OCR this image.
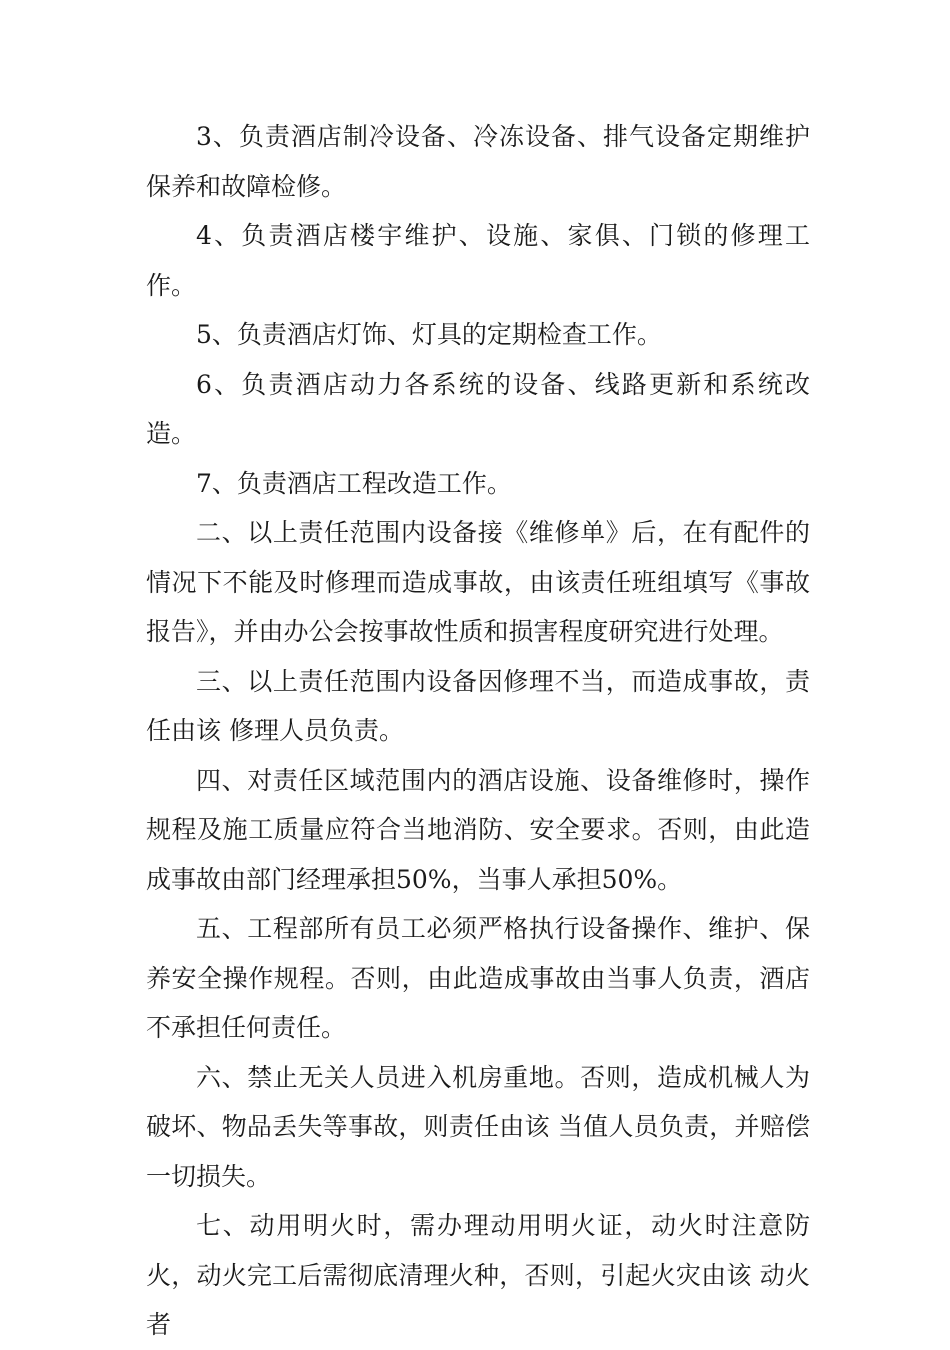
3、负责酒店制冷设备、冷冻设备、排气设备定期维护保养和故障检修。

4、负责酒店楼宇维护、设施、家俱、门锁的修理工作。

5、负责酒店灯饰、灯具的定期检查工作。

6、负责酒店动力各系统的设备、线路更新和系统改造。

7、负责酒店工程改造工作。

二、以上责任范围内设备接《维修单》后，在有配件的情况下不能及时修理而造成事故，由该责任班组填写《事故报告》，并由办公会按事故性质和损害程度研究进行处理。

三、以上责任范围内设备因修理不当，而造成事故，责任由该 修理人员负责。

四、对责任区域范围内的酒店设施、设备维修时，操作规程及施工质量应符合当地消防、安全要求。否则，由此造成事故由部门经理承担50%，当事人承担50%。

五、工程部所有员工必须严格执行设备操作、维护、保养安全操作规程。否则，由此造成事故由当事人负责，酒店不承担任何责任。

六、禁止无关人员进入机房重地。否则，造成机械人为破坏、物品丢失等事故，则责任由该 当值人员负责，并赔偿一切损失。

七、动用明火时，需办理动用明火证，动火时注意防火，动火完工后需彻底清理火种，否则，引起火灾由该 动火者
